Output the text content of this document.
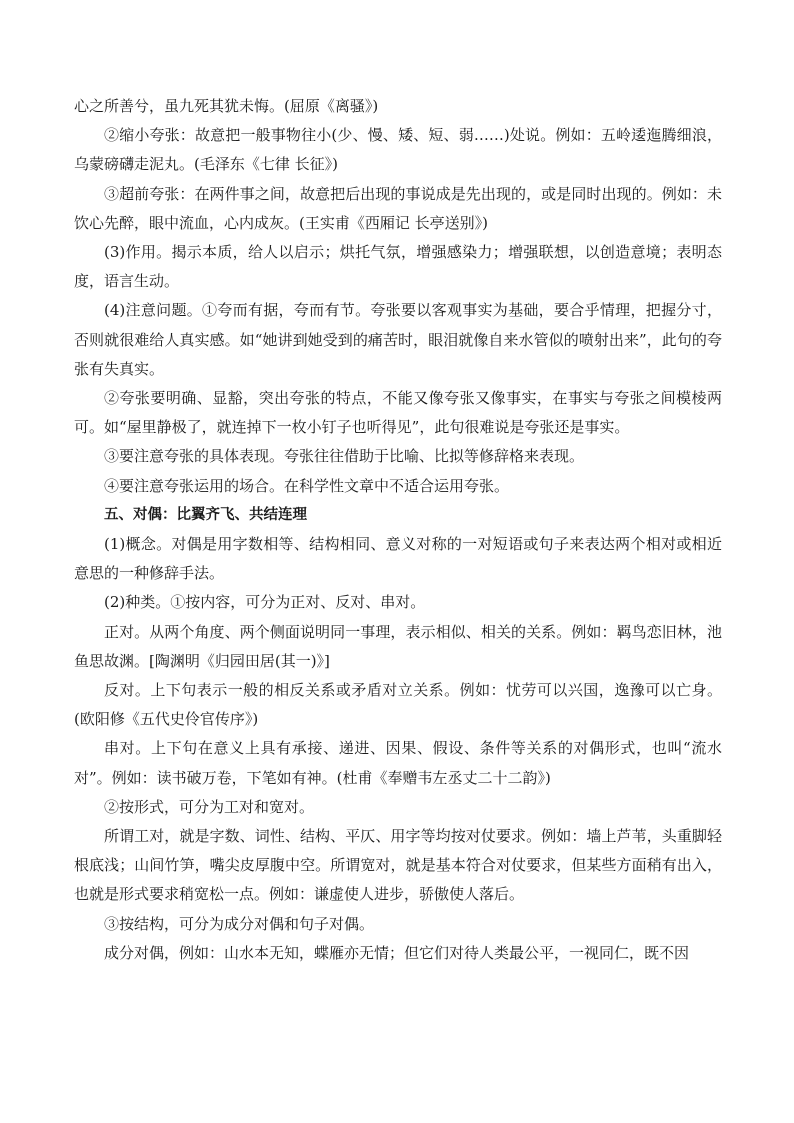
心之所善兮，虽九死其犹未悔。(屈原《离骚》)

②缩小夸张：故意把一般事物往小(少、慢、矮、短、弱……)处说。例如：五岭逶迤腾细浪，乌蒙磅礴走泥丸。(毛泽东《七律 长征》)

③超前夸张：在两件事之间，故意把后出现的事说成是先出现的，或是同时出现的。例如：未饮心先醉，眼中流血，心内成灰。(王实甫《西厢记 长亭送别》)

(3)作用。揭示本质，给人以启示；烘托气氛，增强感染力；增强联想，以创造意境；表明态度，语言生动。

(4)注意问题。①夸而有据，夸而有节。夸张要以客观事实为基础，要合乎情理，把握分寸，否则就很难给人真实感。如“她讲到她受到的痛苦时，眼泪就像自来水管似的喷射出来”，此句的夸张有失真实。

②夸张要明确、显豁，突出夸张的特点，不能又像夸张又像事实，在事实与夸张之间模棱两可。如“屋里静极了，就连掉下一枚小钉子也听得见”，此句很难说是夸张还是事实。

③要注意夸张的具体表现。夸张往往借助于比喻、比拟等修辞格来表现。

④要注意夸张运用的场合。在科学性文章中不适合运用夸张。

五、对偶：比翼齐飞、共结连理

(1)概念。对偶是用字数相等、结构相同、意义对称的一对短语或句子来表达两个相对或相近意思的一种修辞手法。

(2)种类。①按内容，可分为正对、反对、串对。

正对。从两个角度、两个侧面说明同一事理，表示相似、相关的关系。例如：羁鸟恋旧林，池鱼思故渊。[陶渊明《归园田居(其一)》]

反对。上下句表示一般的相反关系或矛盾对立关系。例如：忧劳可以兴国，逸豫可以亡身。(欧阳修《五代史伶官传序》)

串对。上下句在意义上具有承接、递进、因果、假设、条件等关系的对偶形式，也叫“流水对”。例如：读书破万卷，下笔如有神。(杜甫《奉赠韦左丞丈二十二韵》)

②按形式，可分为工对和宽对。

所谓工对，就是字数、词性、结构、平仄、用字等均按对仗要求。例如：墙上芦苇，头重脚轻根底浅；山间竹笋，嘴尖皮厚腹中空。所谓宽对，就是基本符合对仗要求，但某些方面稍有出入，也就是形式要求稍宽松一点。例如：谦虚使人进步，骄傲使人落后。

③按结构，可分为成分对偶和句子对偶。

成分对偶，例如：山水本无知，蝶雁亦无情；但它们对待人类最公平，一视同仁，既不因
